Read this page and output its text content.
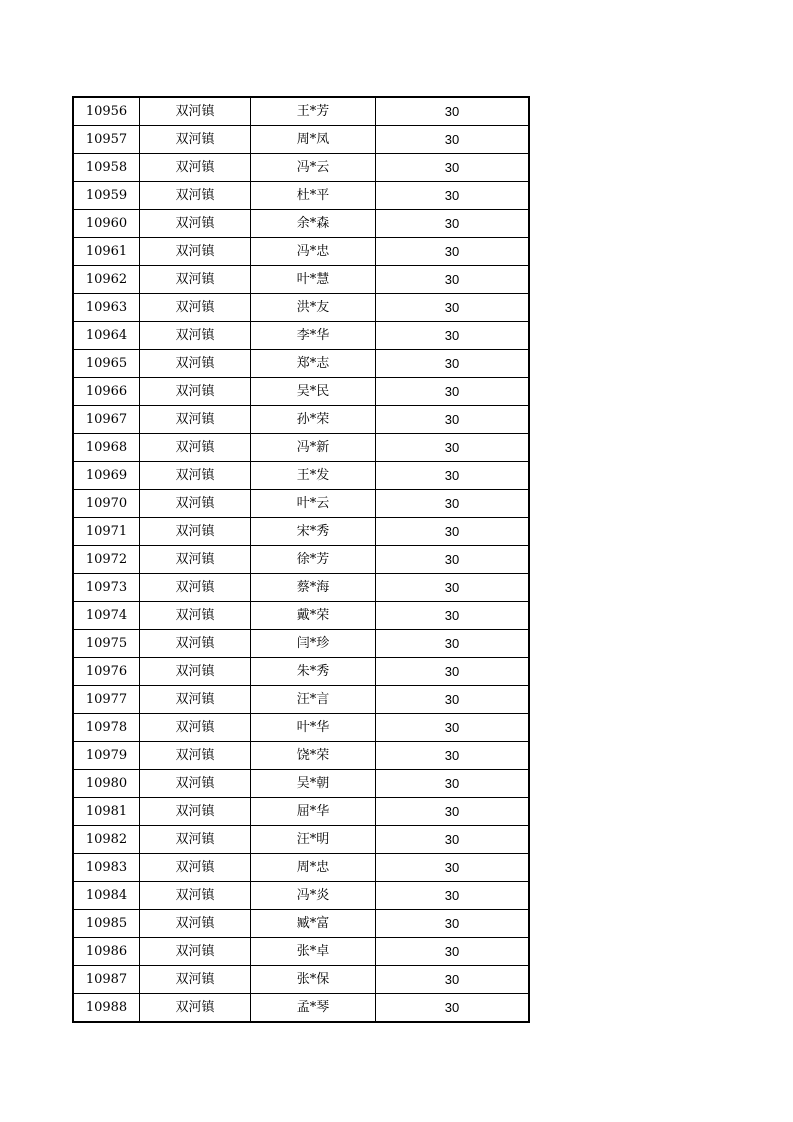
10956	双河镇	王*芳	30
10957	双河镇	周*凤	30
10958	双河镇	冯*云	30
10959	双河镇	杜*平	30
10960	双河镇	余*森	30
10961	双河镇	冯*忠	30
10962	双河镇	叶*慧	30
10963	双河镇	洪*友	30
10964	双河镇	李*华	30
10965	双河镇	郑*志	30
10966	双河镇	吴*民	30
10967	双河镇	孙*荣	30
10968	双河镇	冯*新	30
10969	双河镇	王*发	30
10970	双河镇	叶*云	30
10971	双河镇	宋*秀	30
10972	双河镇	徐*芳	30
10973	双河镇	蔡*海	30
10974	双河镇	戴*荣	30
10975	双河镇	闫*珍	30
10976	双河镇	朱*秀	30
10977	双河镇	汪*言	30
10978	双河镇	叶*华	30
10979	双河镇	饶*荣	30
10980	双河镇	吴*朝	30
10981	双河镇	屈*华	30
10982	双河镇	汪*明	30
10983	双河镇	周*忠	30
10984	双河镇	冯*炎	30
10985	双河镇	臧*富	30
10986	双河镇	张*卓	30
10987	双河镇	张*保	30
10988	双河镇	孟*琴	30
